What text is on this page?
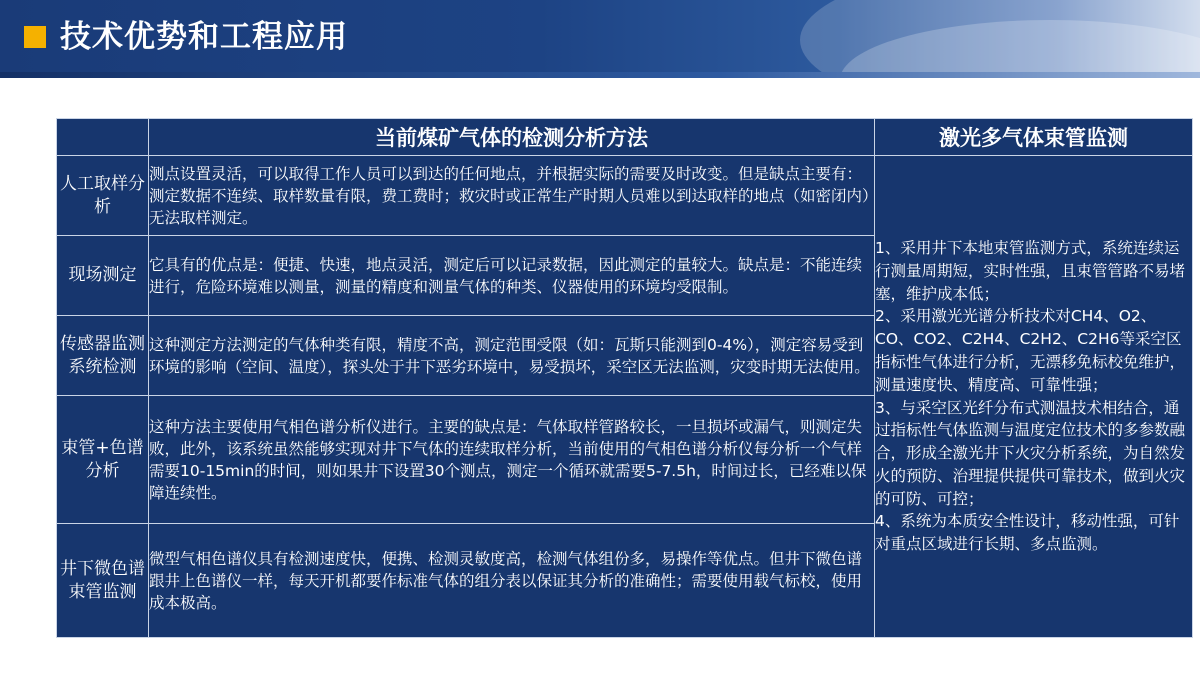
技术优势和工程应用
	当前煤矿气体的检测分析方法	激光多气体束管监测
人工取样分析	测点设置灵活，可以取得工作人员可以到达的任何地点，并根据实际的需要及时改变。但是缺点主要有：测定数据不连续、取样数量有限，费工费时；救灾时或正常生产时期人员难以到达取样的地点（如密闭内）无法取样测定。	1、采用井下本地束管监测方式，系统连续运行测量周期短，实时性强，且束管管路不易堵塞，维护成本低；

2、采用激光光谱分析技术对CH4、O2、CO、CO2、C2H4、C2H2、C2H6等采空区指标性气体进行分析，无漂移免标校免维护，测量速度快、精度高、可靠性强；

3、与采空区光纤分布式测温技术相结合，通过指标性气体监测与温度定位技术的多参数融合，形成全激光井下火灾分析系统，为自然发火的预防、治理提供提供可靠技术，做到火灾的可防、可控；

4、系统为本质安全性设计，移动性强，可针对重点区域进行长期、多点监测。

现场测定	它具有的优点是：便捷、快速，地点灵活，测定后可以记录数据，因此测定的量较大。缺点是：不能连续进行，危险环境难以测量，测量的精度和测量气体的种类、仪器使用的环境均受限制。	
传感器监测系统检测	这种测定方法测定的气体种类有限，精度不高，测定范围受限（如：瓦斯只能测到0-4%），测定容易受到环境的影响（空间、温度），探头处于井下恶劣环境中，易受损坏，采空区无法监测，灾变时期无法使用。	
束管+色谱分析	这种方法主要使用气相色谱分析仪进行。主要的缺点是：气体取样管路较长，一旦损坏或漏气，则测定失败，此外，该系统虽然能够实现对井下气体的连续取样分析，当前使用的气相色谱分析仪每分析一个气样需要10-15min的时间，则如果井下设置30个测点，测定一个循环就需要5-7.5h，时间过长，已经难以保障连续性。	
井下微色谱束管监测	微型气相色谱仪具有检测速度快，便携、检测灵敏度高，检测气体组份多，易操作等优点。但井下微色谱跟井上色谱仪一样，每天开机都要作标准气体的组分表以保证其分析的准确性；需要使用载气标校，使用成本极高。	
